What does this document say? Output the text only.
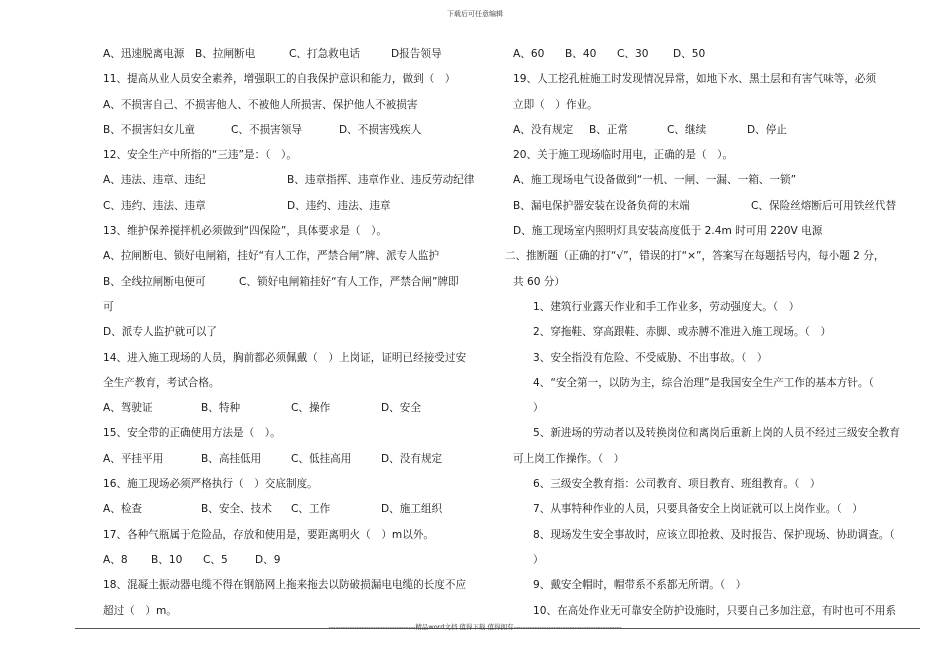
下载后可任意编辑
A、迅速脱离电源 B、拉闸断电	C、打急救电话	D报告领导
11、提高从业人员安全素养，增强职工的自我保护意识和能力，做到（　）
A、不损害自己、不损害他人、不被他人所损害、保护他人不被损害
B、不损害妇女儿童	C、不损害领导	D、不损害残疾人
12、安全生产中所指的“三违”是：（　）。
A、违法、违章、违纪	B、违章指挥、违章作业、违反劳动纪律
C、违约、违法、违章	D、违约、违法、违章
13、维护保养搅拌机必须做到“四保险”，具体要求是（　）。
A、拉闸断电、锁好电闸箱，挂好“有人工作，严禁合闸”牌、派专人监护
B、全线拉闸断电便可	C、锁好电闸箱挂好“有人工作，严禁合闸”牌即
可
D、派专人监护就可以了
14、进入施工现场的人员，胸前都必须佩戴（　）上岗证，证明已经接受过安
全生产教育，考试合格。
A、驾驶证	B、特种	C、操作	D、安全
15、安全带的正确使用方法是（　）。
A、平挂平用	B、高挂低用	C、低挂高用	D、没有规定
16、施工现场必须严格执行（　）交底制度。
A、检查	B、安全、技术	C、工作	D、施工组织
17、各种气瓶属于危险品，存放和使用是，要距离明火（　）m以外。
A、8	B、10	C、5	D、9
18、混凝土振动器电缆不得在钢筋网上拖来拖去以防破损漏电电缆的长度不应
超过（　）m。
A、60	B、40	C、30	D、50
19、人工挖孔桩施工时发现情况异常，如地下水、黑土层和有害气味等，必须
立即（　）作业。
A、没有规定	B、正常	C、继续	D、停止
20、关于施工现场临时用电，正确的是（　）。
A、施工现场电气设备做到“一机、一闸、一漏、一箱、一锁”
B、漏电保护器安装在设备负荷的末端	C、保险丝熔断后可用铁丝代替
D、施工现场室内照明灯具安装高度低于 2.4m 时可用 220V 电源
二、推断题（正确的打“√”，错误的打“×”，答案写在每题括号内，每小题 2 分，
共 60 分）
1、建筑行业露天作业和手工作业多，劳动强度大。（　）
2、穿拖鞋、穿高跟鞋、赤脚、或赤膊不准进入施工现场。（　）
3、安全指没有危险、不受威胁、不出事故。（　）
4、“安全第一，以防为主，综合治理”是我国安全生产工作的基本方针。（
）
5、新进场的劳动者以及转换岗位和离岗后重新上岗的人员不经过三级安全教育
可上岗工作操作。（　）
6、三级安全教育指：公司教育、项目教育、班组教育。（　）
7、从事特种作业的人员，只要具备安全上岗证就可以上岗作业。（　）
8、现场发生安全事故时，应该立即抢救、及时报告、保护现场、协助调查。（
）
9、戴安全帽时，帽带系不系都无所谓。（　）
10、在高处作业无可靠安全防护设施时，只要自己多加注意，有时也可不用系
-------------------------------------精品word文档 值得下载 值得拥有----------------------------------------------
